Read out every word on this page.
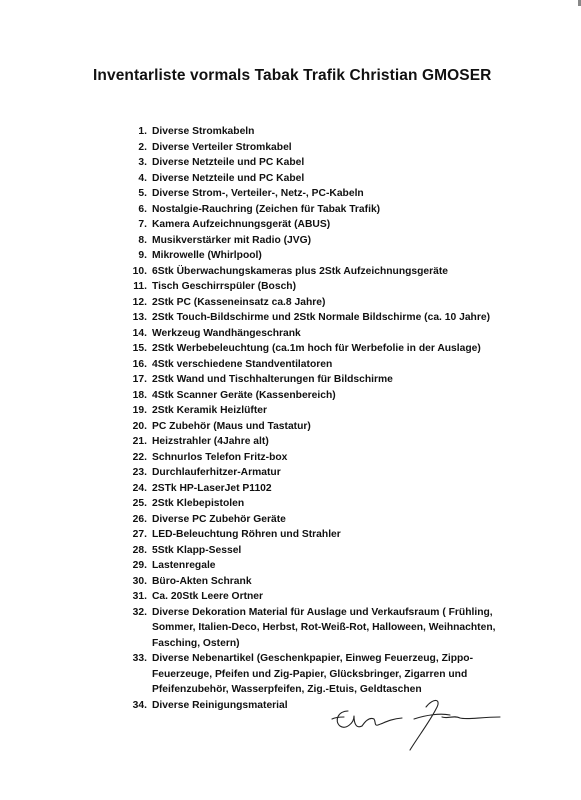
Inventarliste vormals Tabak Trafik Christian GMOSER
1. Diverse Stromkabeln
2. Diverse Verteiler Stromkabel
3. Diverse Netzteile und PC Kabel
4. Diverse Netzteile und PC Kabel
5. Diverse Strom-, Verteiler-, Netz-, PC-Kabeln
6. Nostalgie-Rauchring (Zeichen für Tabak Trafik)
7. Kamera Aufzeichnungsgerät (ABUS)
8. Musikverstärker mit Radio (JVG)
9. Mikrowelle (Whirlpool)
10. 6Stk Überwachungskameras plus 2Stk Aufzeichnungsgeräte
11. Tisch Geschirrspüler (Bosch)
12. 2Stk PC (Kasseneinsatz ca.8 Jahre)
13. 2Stk Touch-Bildschirme und 2Stk Normale Bildschirme (ca. 10 Jahre)
14. Werkzeug Wandhängeschrank
15. 2Stk Werbebeleuchtung (ca.1m hoch für Werbefolie in der Auslage)
16. 4Stk verschiedene Standventilatoren
17. 2Stk Wand und Tischhalterungen für Bildschirme
18. 4Stk Scanner Geräte (Kassenbereich)
19. 2Stk Keramik Heizlüfter
20. PC Zubehör (Maus und Tastatur)
21. Heizstrahler (4Jahre alt)
22. Schnurlos Telefon Fritz-box
23. Durchlauferhitzer-Armatur
24. 2STk HP-LaserJet P1102
25. 2Stk Klebepistolen
26. Diverse PC Zubehör Geräte
27. LED-Beleuchtung Röhren und Strahler
28. 5Stk Klapp-Sessel
29. Lastenregale
30. Büro-Akten Schrank
31. Ca. 20Stk Leere Ortner
32. Diverse Dekoration Material für Auslage und Verkaufsraum ( Frühling,
Sommer, Italien-Deco, Herbst, Rot-Weiß-Rot, Halloween, Weihnachten,
Fasching, Ostern)
33. Diverse Nebenartikel (Geschenkpapier, Einweg Feuerzeug, Zippo-
Feuerzeuge, Pfeifen und Zig-Papier, Glücksbringer, Zigarren und
Pfeifenzubehör, Wasserpfeifen, Zig.-Etuis, Geldtaschen
34. Diverse Reinigungsmaterial
